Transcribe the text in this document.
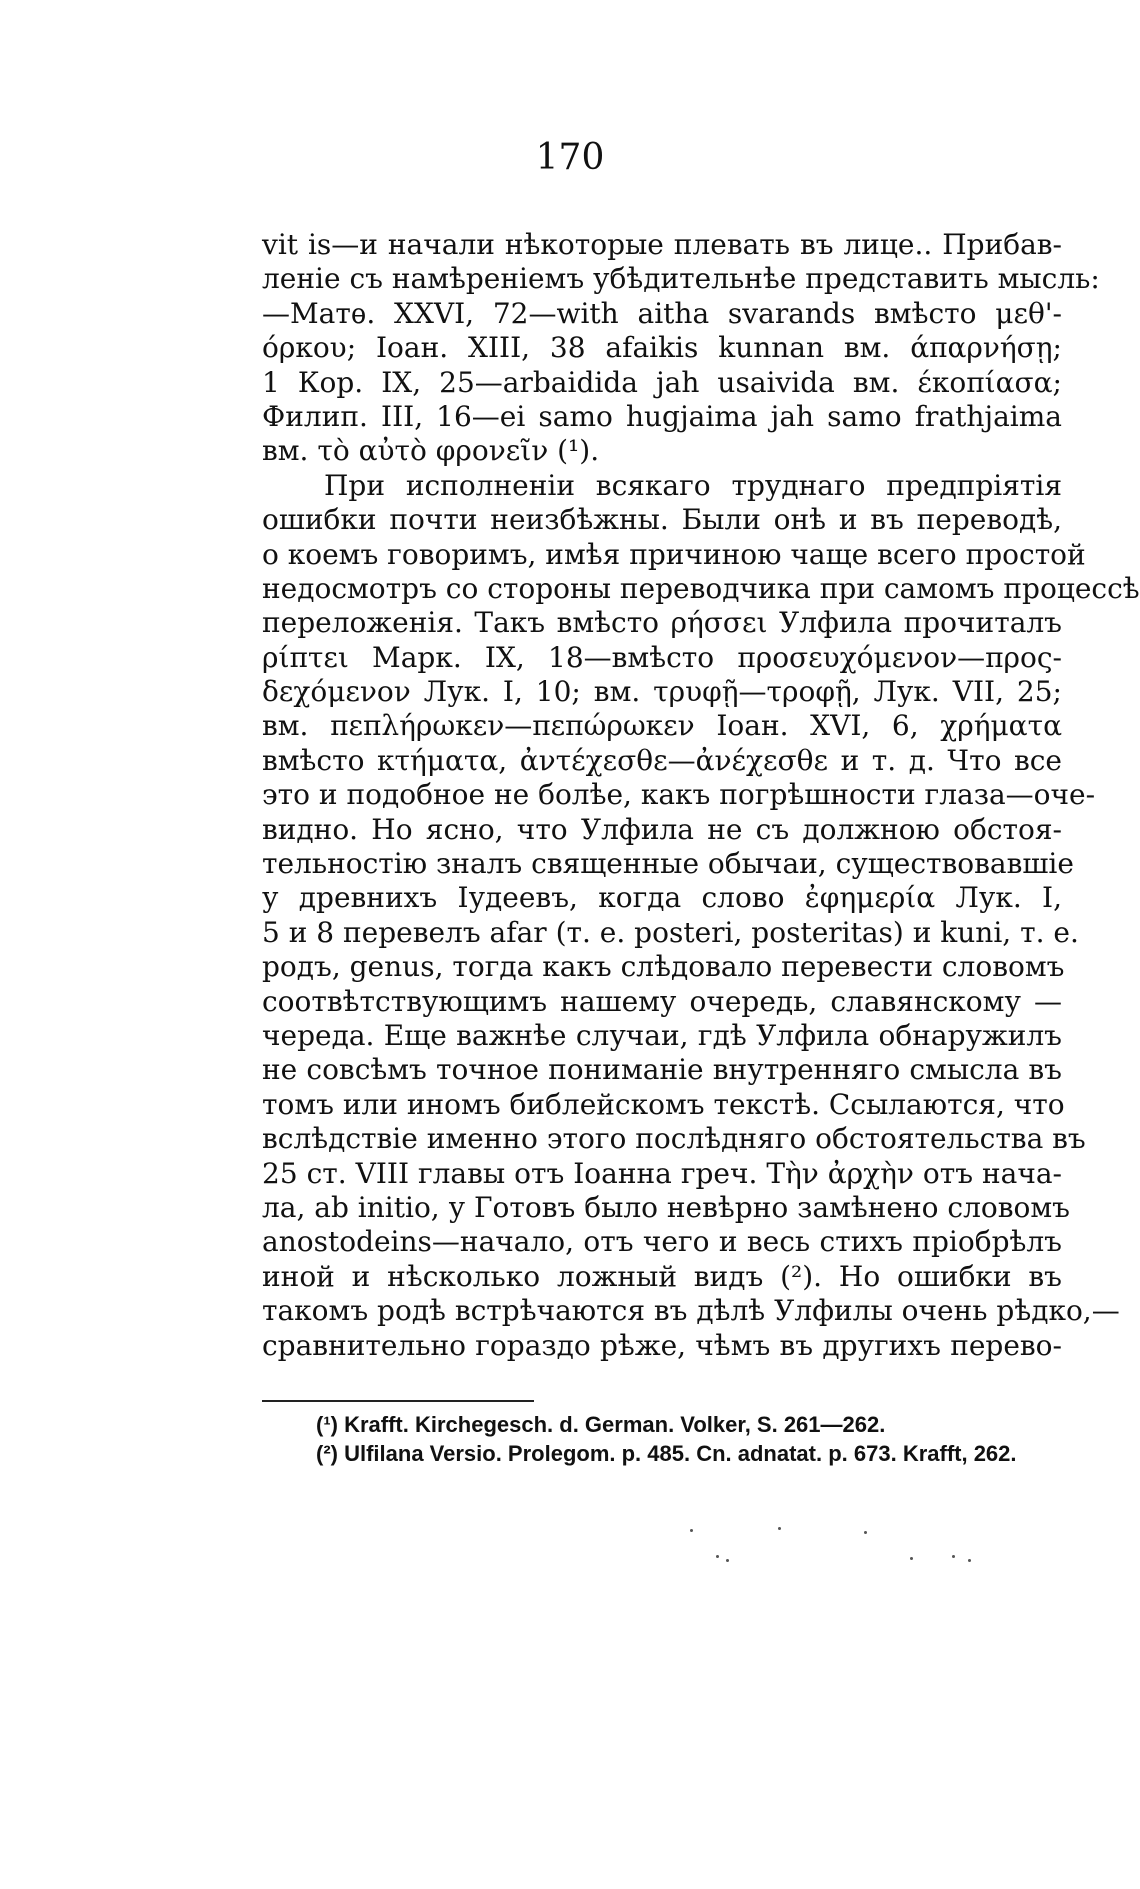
170
vit is—и начали нѣкоторые плевать въ лице.. Прибав-
леніе съ намѣреніемъ убѣдительнѣе представить мысль:
—Матѳ. XXVI, 72—with aitha svarands вмѣсто μεθ'-
όρκου; Іоан. XIII, 38 afaikis kunnan вм. άπαρνήσῃ;
1 Кор. IX, 25—arbaidida jah usaivida вм. έκοπίασα;
Филип. III, 16—ei samo hugjaima jah samo frathjaima
вм. τὸ αὐτὸ φρονεῖν (¹).
При исполненіи всякаго труднаго предпріятія
ошибки почти неизбѣжны. Были онѣ и въ переводѣ,
о коемъ говоримъ, имѣя причиною чаще всего простой
недосмотръ со стороны переводчика при самомъ процессѣ
переложенія. Такъ вмѣсто ρήσσει Улфила прочиталъ
ρίπτει Марк. IX, 18—вмѣсто προσευχόμενον—προς-
δεχόμενον Лук. I, 10; вм. τρυφῇ—τροφῇ, Лук. VII, 25;
вм. πεπλήρωκεν—πεπώρωκεν Іоан. XVI, 6, χρήματα
вмѣсто κτήματα, ἀντέχεσθε—ἀνέχεσθε и т. д. Что все
это и подобное не болѣе, какъ погрѣшности глаза—оче-
видно. Но ясно, что Улфила не съ должною обстоя-
тельностію зналъ священные обычаи, существовавшіе
у древнихъ Іудеевъ, когда слово ἐφημερία Лук. I,
5 и 8 перевелъ afar (т. е. posteri, posteritas) и kuni, т. е.
родъ, genus, тогда какъ слѣдовало перевести словомъ
соотвѣтствующимъ нашему очередь, славянскому —
череда. Еще важнѣе случаи, гдѣ Улфила обнаружилъ
не совсѣмъ точное пониманіе внутренняго смысла въ
томъ или иномъ библейскомъ текстѣ. Ссылаются, что
вслѣдствіе именно этого послѣдняго обстоятельства въ
25 ст. VIII главы отъ Іоанна греч. Τὴν ἀρχὴν отъ нача-
ла, ab initio, у Готовъ было невѣрно замѣнено словомъ
anostodeins—начало, отъ чего и весь стихъ пріобрѣлъ
иной и нѣсколько ложный видъ (²). Но ошибки въ
такомъ родѣ встрѣчаются въ дѣлѣ Улфилы очень рѣдко,—
сравнительно гораздо рѣже, чѣмъ въ другихъ перево-
(¹) Krafft. Kirchegesch. d. German. Volker, S. 261—262.
(²) Ulfilana Versio. Prolegom. p. 485. Cn. adnatat. p. 673. Krafft, 262.
